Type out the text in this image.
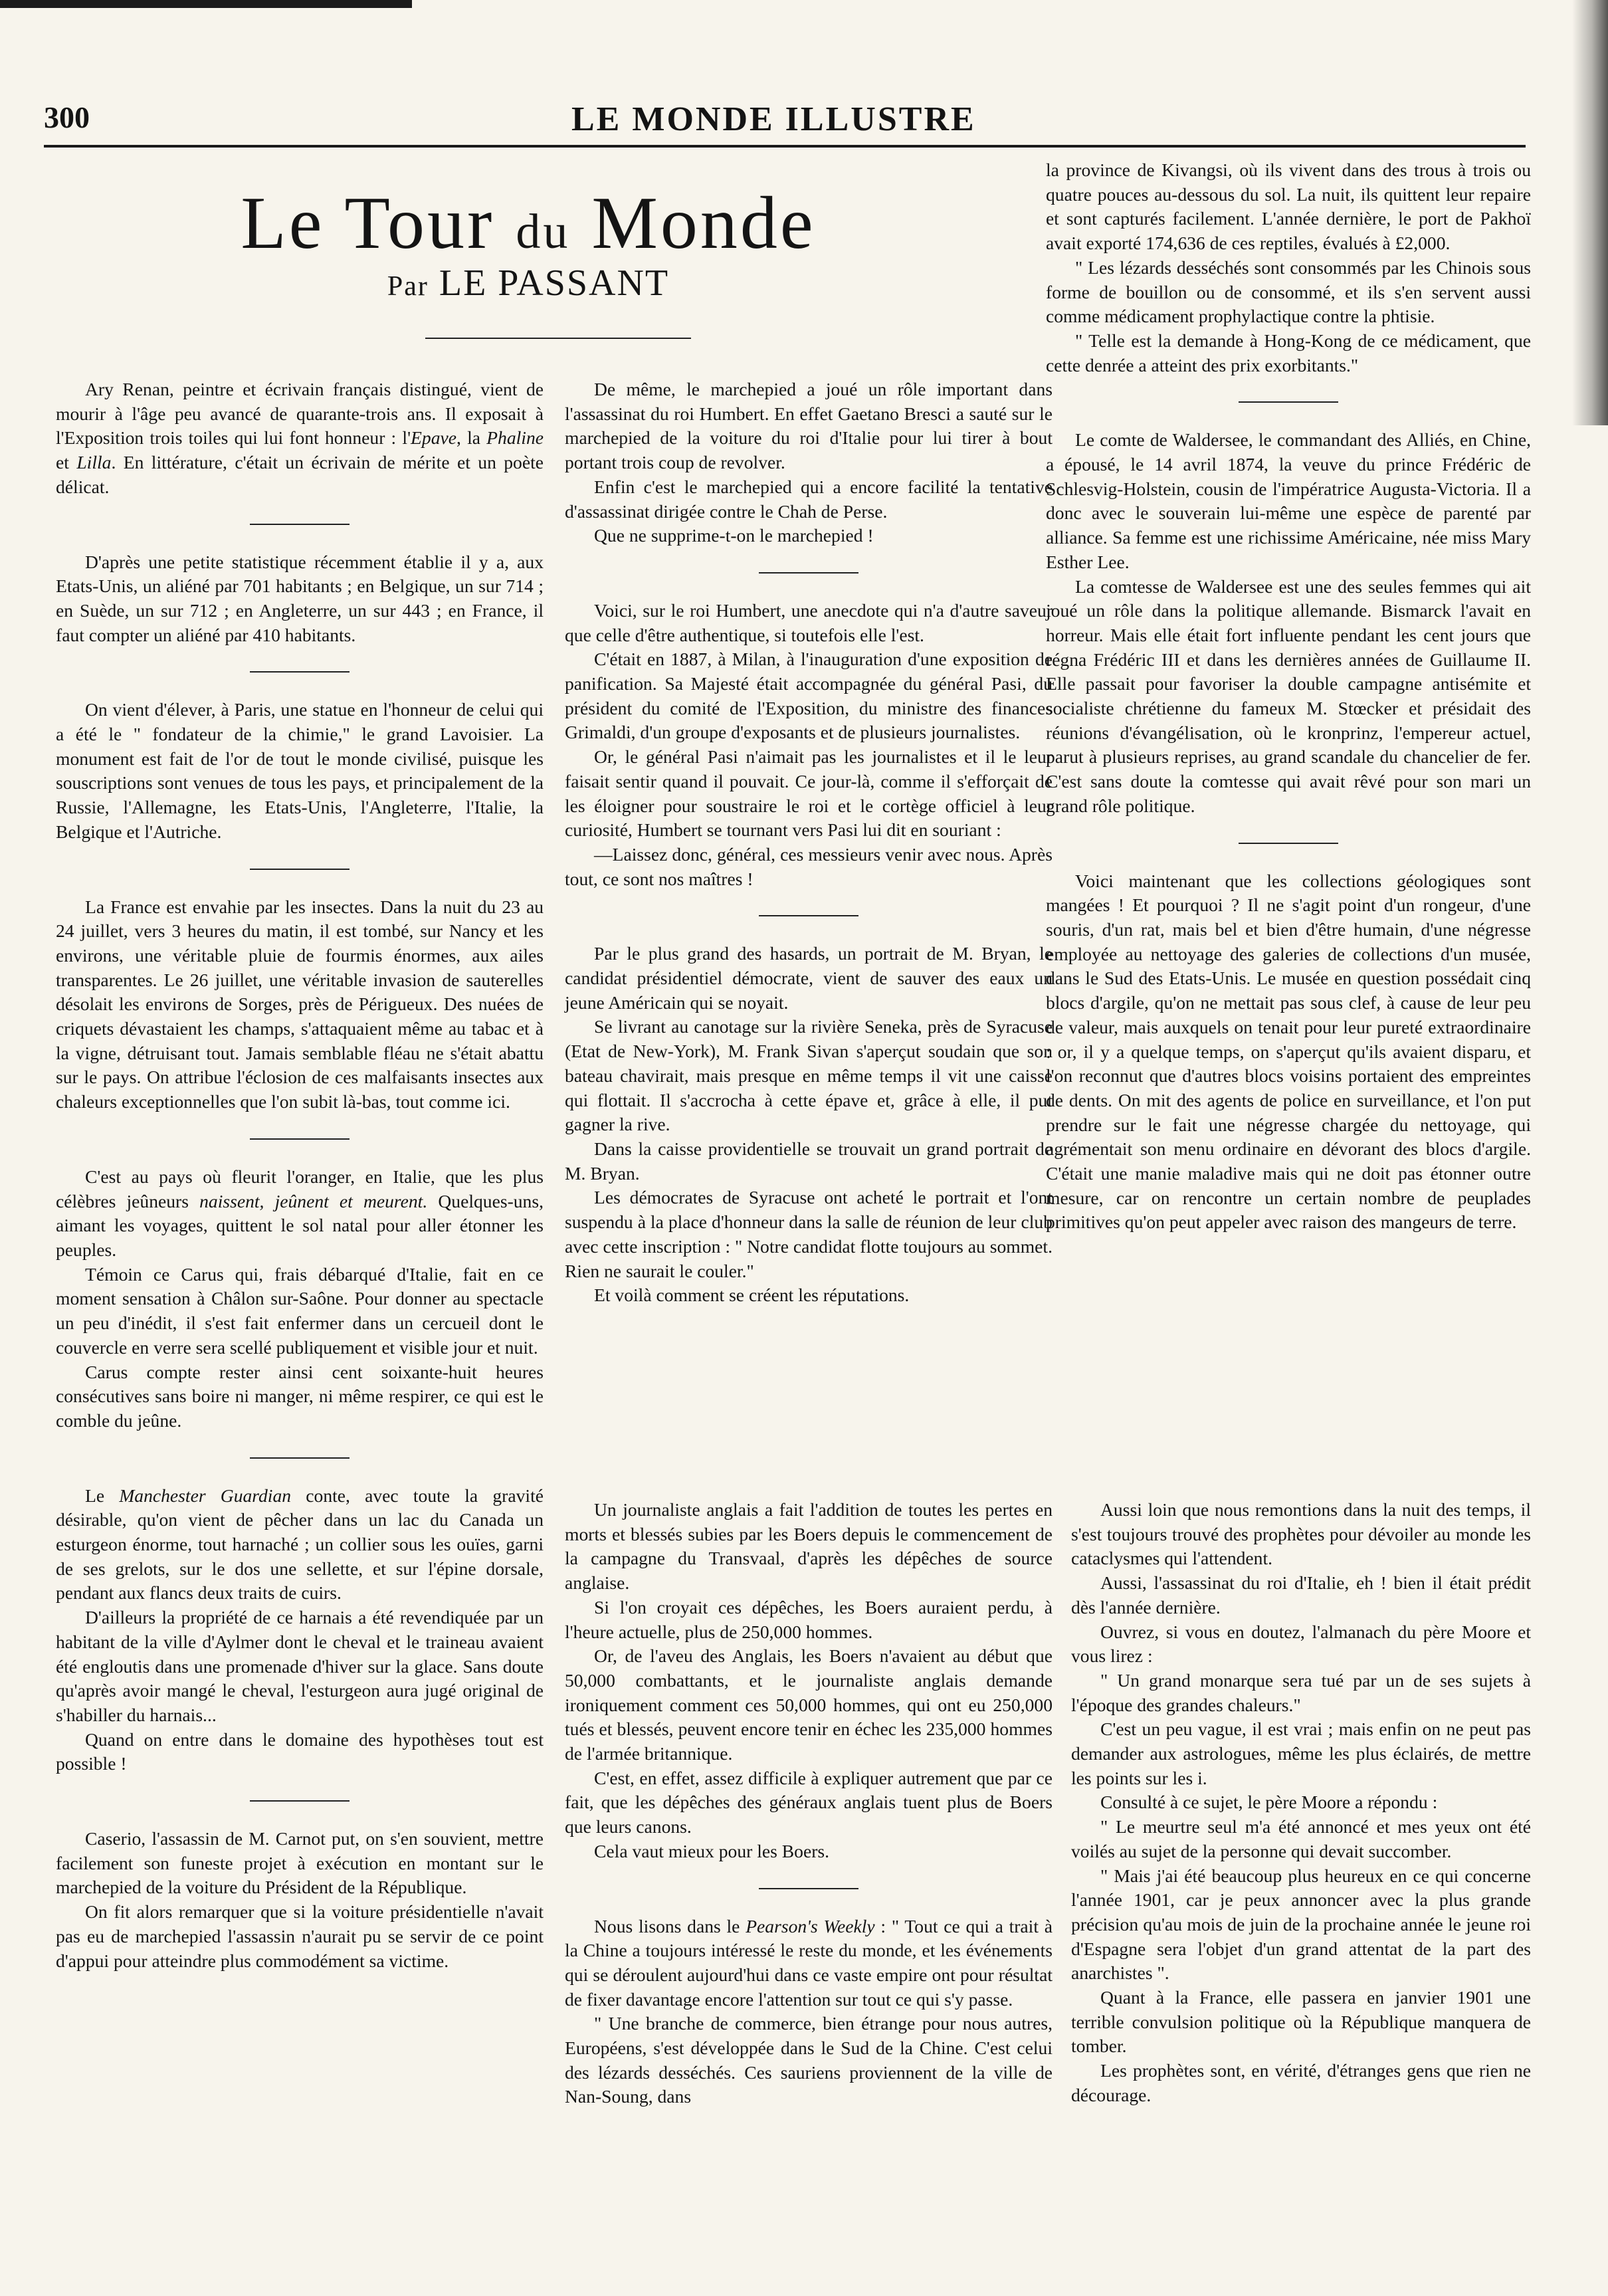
300	LE MONDE ILLUSTRE
Le Tour du Monde
Par LE PASSANT

Ary Renan, peintre et écrivain français distingué, vient de mourir à l'âge peu avancé de quarante-trois ans. Il exposait à l'Exposition trois toiles qui lui font honneur : l'Epave, la Phaline et Lilla. En littérature, c'était un écrivain de mérite et un poète délicat.

D'après une petite statistique récemment établie il y a, aux Etats-Unis, un aliéné par 701 habitants ; en Belgique, un sur 714 ; en Suède, un sur 712 ; en Angleterre, un sur 443 ; en France, il faut compter un aliéné par 410 habitants.

On vient d'élever, à Paris, une statue en l'honneur de celui qui a été le " fondateur de la chimie," le grand Lavoisier. La monument est fait de l'or de tout le monde civilisé, puisque les souscriptions sont venues de tous les pays, et principalement de la Russie, l'Allemagne, les Etats-Unis, l'Angleterre, l'Italie, la Belgique et l'Autriche.

La France est envahie par les insectes. Dans la nuit du 23 au 24 juillet, vers 3 heures du matin, il est tombé, sur Nancy et les environs, une véritable pluie de fourmis énormes, aux ailes transparentes. Le 26 juillet, une véritable invasion de sauterelles désolait les environs de Sorges, près de Périgueux. Des nuées de criquets dévastaient les champs, s'attaquaient même au tabac et à la vigne, détruisant tout. Jamais semblable fléau ne s'était abattu sur le pays. On attribue l'éclosion de ces malfaisants insectes aux chaleurs exceptionnelles que l'on subit là-bas, tout comme ici.

C'est au pays où fleurit l'oranger, en Italie, que les plus célèbres jeûneurs naissent, jeûnent et meurent. Quelques-uns, aimant les voyages, quittent le sol natal pour aller étonner les peuples.

Témoin ce Carus qui, frais débarqué d'Italie, fait en ce moment sensation à Châlon sur-Saône. Pour donner au spectacle un peu d'inédit, il s'est fait enfermer dans un cercueil dont le couvercle en verre sera scellé publiquement et visible jour et nuit.

Carus compte rester ainsi cent soixante-huit heures consécutives sans boire ni manger, ni même respirer, ce qui est le comble du jeûne.

Le Manchester Guardian conte, avec toute la gravité désirable, qu'on vient de pêcher dans un lac du Canada un esturgeon énorme, tout harnaché ; un collier sous les ouïes, garni de ses grelots, sur le dos une sellette, et sur l'épine dorsale, pendant aux flancs deux traits de cuirs.

D'ailleurs la propriété de ce harnais a été revendiquée par un habitant de la ville d'Aylmer dont le cheval et le traineau avaient été engloutis dans une promenade d'hiver sur la glace. Sans doute qu'après avoir mangé le cheval, l'esturgeon aura jugé original de s'habiller du harnais...

Quand on entre dans le domaine des hypothèses tout est possible !

Caserio, l'assassin de M. Carnot put, on s'en souvient, mettre facilement son funeste projet à exécution en montant sur le marchepied de la voiture du Président de la République.

On fit alors remarquer que si la voiture présidentielle n'avait pas eu de marchepied l'assassin n'aurait pu se servir de ce point d'appui pour atteindre plus commodément sa victime.

De même, le marchepied a joué un rôle important dans l'assassinat du roi Humbert. En effet Gaetano Bresci a sauté sur le marchepied de la voiture du roi d'Italie pour lui tirer à bout portant trois coup de revolver.

Enfin c'est le marchepied qui a encore facilité la tentative d'assassinat dirigée contre le Chah de Perse.

Que ne supprime-t-on le marchepied !

Voici, sur le roi Humbert, une anecdote qui n'a d'autre saveur que celle d'être authentique, si toutefois elle l'est.

C'était en 1887, à Milan, à l'inauguration d'une exposition de panification. Sa Majesté était accompagnée du général Pasi, du président du comité de l'Exposition, du ministre des finances Grimaldi, d'un groupe d'exposants et de plusieurs journalistes.

Or, le général Pasi n'aimait pas les journalistes et il le leur faisait sentir quand il pouvait. Ce jour-là, comme il s'efforçait de les éloigner pour soustraire le roi et le cortège officiel à leur curiosité, Humbert se tournant vers Pasi lui dit en souriant :

—Laissez donc, général, ces messieurs venir avec nous. Après tout, ce sont nos maîtres !

Par le plus grand des hasards, un portrait de M. Bryan, le candidat présidentiel démocrate, vient de sauver des eaux un jeune Américain qui se noyait.

Se livrant au canotage sur la rivière Seneka, près de Syracuse (Etat de New-York), M. Frank Sivan s'aperçut soudain que son bateau chavirait, mais presque en même temps il vit une caisse qui flottait. Il s'accrocha à cette épave et, grâce à elle, il put gagner la rive.

Dans la caisse providentielle se trouvait un grand portrait de M. Bryan.

Les démocrates de Syracuse ont acheté le portrait et l'ont suspendu à la place d'honneur dans la salle de réunion de leur club avec cette inscription : " Notre candidat flotte toujours au sommet. Rien ne saurait le couler."

Et voilà comment se créent les réputations.

la province de Kivangsi, où ils vivent dans des trous à trois ou quatre pouces au-dessous du sol. La nuit, ils quittent leur repaire et sont capturés facilement. L'année dernière, le port de Pakhoï avait exporté 174,636 de ces reptiles, évalués à £2,000.

" Les lézards desséchés sont consommés par les Chinois sous forme de bouillon ou de consommé, et ils s'en servent aussi comme médicament prophylactique contre la phtisie.

" Telle est la demande à Hong-Kong de ce médicament, que cette denrée a atteint des prix exorbitants."

Le comte de Waldersee, le commandant des Alliés, en Chine, a épousé, le 14 avril 1874, la veuve du prince Frédéric de Schlesvig-Holstein, cousin de l'impératrice Augusta-Victoria. Il a donc avec le souverain lui-même une espèce de parenté par alliance. Sa femme est une richissime Américaine, née miss Mary Esther Lee.

La comtesse de Waldersee est une des seules femmes qui ait joué un rôle dans la politique allemande. Bismarck l'avait en horreur. Mais elle était fort influente pendant les cent jours que régna Frédéric III et dans les dernières années de Guillaume II. Elle passait pour favoriser la double campagne antisémite et socialiste chrétienne du fameux M. Stœcker et présidait des réunions d'évangélisation, où le kronprinz, l'empereur actuel, parut à plusieurs reprises, au grand scandale du chancelier de fer. C'est sans doute la comtesse qui avait rêvé pour son mari un grand rôle politique.

Voici maintenant que les collections géologiques sont mangées ! Et pourquoi ? Il ne s'agit point d'un rongeur, d'une souris, d'un rat, mais bel et bien d'être humain, d'une négresse employée au nettoyage des galeries de collections d'un musée, dans le Sud des Etats-Unis. Le musée en question possédait cinq blocs d'argile, qu'on ne mettait pas sous clef, à cause de leur peu de valeur, mais auxquels on tenait pour leur pureté extraordinaire : or, il y a quelque temps, on s'aperçut qu'ils avaient disparu, et l'on reconnut que d'autres blocs voisins portaient des empreintes de dents. On mit des agents de police en surveillance, et l'on put prendre sur le fait une négresse chargée du nettoyage, qui agrémentait son menu ordinaire en dévorant des blocs d'argile. C'était une manie maladive mais qui ne doit pas étonner outre mesure, car on rencontre un certain nombre de peuplades primitives qu'on peut appeler avec raison des mangeurs de terre.

Un journaliste anglais a fait l'addition de toutes les pertes en morts et blessés subies par les Boers depuis le commencement de la campagne du Transvaal, d'après les dépêches de source anglaise.

Si l'on croyait ces dépêches, les Boers auraient perdu, à l'heure actuelle, plus de 250,000 hommes.

Or, de l'aveu des Anglais, les Boers n'avaient au début que 50,000 combattants, et le journaliste anglais demande ironiquement comment ces 50,000 hommes, qui ont eu 250,000 tués et blessés, peuvent encore tenir en échec les 235,000 hommes de l'armée britannique.

C'est, en effet, assez difficile à expliquer autrement que par ce fait, que les dépêches des généraux anglais tuent plus de Boers que leurs canons.

Cela vaut mieux pour les Boers.

Nous lisons dans le Pearson's Weekly : " Tout ce qui a trait à la Chine a toujours intéressé le reste du monde, et les événements qui se déroulent aujourd'hui dans ce vaste empire ont pour résultat de fixer davantage encore l'attention sur tout ce qui s'y passe.

" Une branche de commerce, bien étrange pour nous autres, Européens, s'est développée dans le Sud de la Chine. C'est celui des lézards desséchés. Ces sauriens proviennent de la ville de Nan-Soung, dans

Aussi loin que nous remontions dans la nuit des temps, il s'est toujours trouvé des prophètes pour dévoiler au monde les cataclysmes qui l'attendent.

Aussi, l'assassinat du roi d'Italie, eh ! bien il était prédit dès l'année dernière.

Ouvrez, si vous en doutez, l'almanach du père Moore et vous lirez :

" Un grand monarque sera tué par un de ses sujets à l'époque des grandes chaleurs."

C'est un peu vague, il est vrai ; mais enfin on ne peut pas demander aux astrologues, même les plus éclairés, de mettre les points sur les i.

Consulté à ce sujet, le père Moore a répondu :

" Le meurtre seul m'a été annoncé et mes yeux ont été voilés au sujet de la personne qui devait succomber.

" Mais j'ai été beaucoup plus heureux en ce qui concerne l'année 1901, car je peux annoncer avec la plus grande précision qu'au mois de juin de la prochaine année le jeune roi d'Espagne sera l'objet d'un grand attentat de la part des anarchistes ".

Quant à la France, elle passera en janvier 1901 une terrible convulsion politique où la République manquera de tomber.

Les prophètes sont, en vérité, d'étranges gens que rien ne décourage.
